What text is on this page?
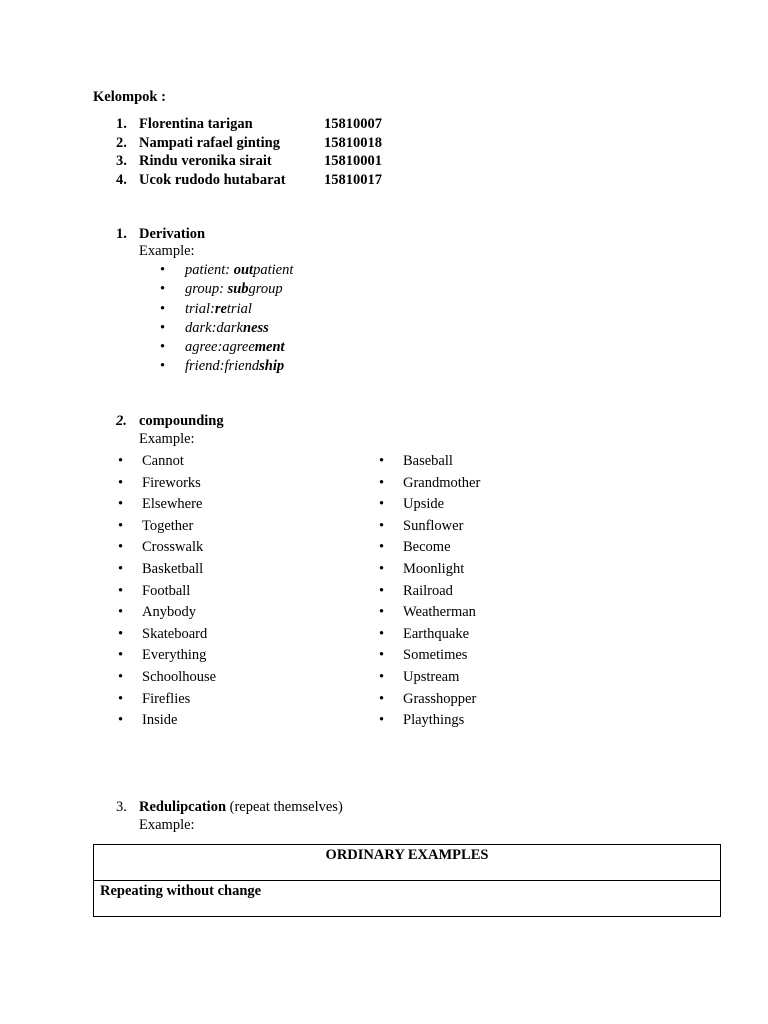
Kelompok :
1. Florentina tarigan	15810007
2. Nampati rafael ginting	15810018
3. Rindu veronika sirait	15810001
4. Ucok rudodo hutabarat	15810017
1. Derivation
Example:
• patient: outpatient
• group: subgroup
• trial:retrial
• dark:darkness
• agree:agreement
• friend:friendship
2. compounding
Example:
• Cannot
• Fireworks
• Elsewhere
• Together
• Crosswalk
• Basketball
• Football
• Anybody
• Skateboard
• Everything
• Schoolhouse
• Fireflies
• Inside
• Baseball
• Grandmother
• Upside
• Sunflower
• Become
• Moonlight
• Railroad
• Weatherman
• Earthquake
• Sometimes
• Upstream
• Grasshopper
• Playthings
3. Redulipcation (repeat themselves)
Example:
ORDINARY EXAMPLES
Repeating without change
